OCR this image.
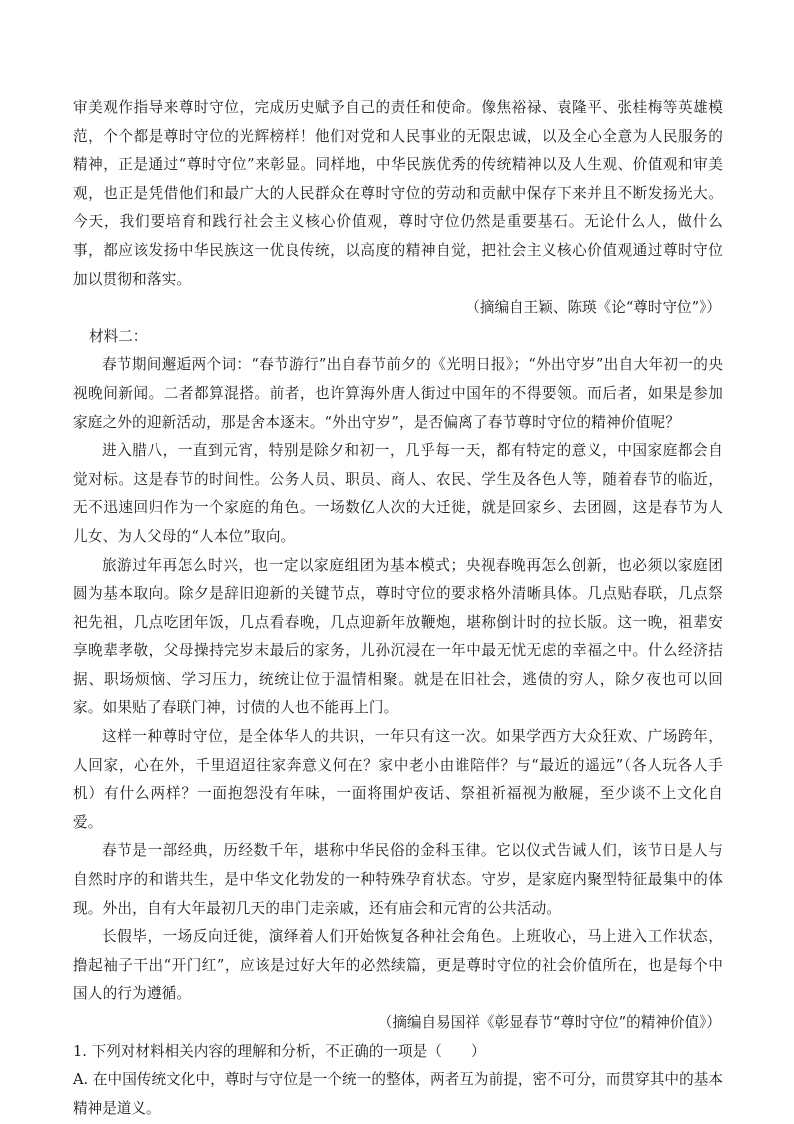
审美观作指导来尊时守位，完成历史赋予自己的责任和使命。像焦裕禄、袁隆平、张桂梅等英雄模范，个个都是尊时守位的光辉榜样！他们对党和人民事业的无限忠诚，以及全心全意为人民服务的精神，正是通过“尊时守位”来彰显。同样地，中华民族优秀的传统精神以及人生观、价值观和审美观，也正是凭借他们和最广大的人民群众在尊时守位的劳动和贡献中保存下来并且不断发扬光大。今天，我们要培育和践行社会主义核心价值观，尊时守位仍然是重要基石。无论什么人，做什么事，都应该发扬中华民族这一优良传统，以高度的精神自觉，把社会主义核心价值观通过尊时守位加以贯彻和落实。

（摘编自王颖、陈瑛《论“尊时守位”》）

材料二：

春节期间邂逅两个词：“春节游行”出自春节前夕的《光明日报》；“外出守岁”出自大年初一的央视晚间新闻。二者都算混搭。前者，也许算海外唐人街过中国年的不得要领。而后者，如果是参加家庭之外的迎新活动，那是舍本逐末。“外出守岁”，是否偏离了春节尊时守位的精神价值呢？

进入腊八，一直到元宵，特别是除夕和初一，几乎每一天，都有特定的意义，中国家庭都会自觉对标。这是春节的时间性。公务人员、职员、商人、农民、学生及各色人等，随着春节的临近，无不迅速回归作为一个家庭的角色。一场数亿人次的大迁徙，就是回家乡、去团圆，这是春节为人儿女、为人父母的“人本位”取向。

旅游过年再怎么时兴，也一定以家庭组团为基本模式；央视春晚再怎么创新，也必须以家庭团圆为基本取向。除夕是辞旧迎新的关键节点，尊时守位的要求格外清晰具体。几点贴春联，几点祭祀先祖，几点吃团年饭，几点看春晚，几点迎新年放鞭炮，堪称倒计时的拉长版。这一晚，祖辈安享晚辈孝敬，父母操持完岁末最后的家务，儿孙沉浸在一年中最无忧无虑的幸福之中。什么经济拮据、职场烦恼、学习压力，统统让位于温情相聚。就是在旧社会，逃债的穷人，除夕夜也可以回家。如果贴了春联门神，讨债的人也不能再上门。

这样一种尊时守位，是全体华人的共识，一年只有这一次。如果学西方大众狂欢、广场跨年，人回家，心在外，千里迢迢往家奔意义何在？家中老小由谁陪伴？与“最近的遥远”（各人玩各人手机）有什么两样？一面抱怨没有年味，一面将围炉夜话、祭祖祈福视为敝屣，至少谈不上文化自爱。

春节是一部经典，历经数千年，堪称中华民俗的金科玉律。它以仪式告诫人们，该节日是人与自然时序的和谐共生，是中华文化勃发的一种特殊孕育状态。守岁，是家庭内聚型特征最集中的体现。外出，自有大年最初几天的串门走亲戚，还有庙会和元宵的公共活动。

长假毕，一场反向迁徙，演绎着人们开始恢复各种社会角色。上班收心，马上进入工作状态，撸起袖子干出“开门红”，应该是过好大年的必然续篇，更是尊时守位的社会价值所在，也是每个中国人的行为遵循。

（摘编自易国祥《彰显春节“尊时守位”的精神价值》）

1. 下列对材料相关内容的理解和分析，不正确的一项是（　　）

A. 在中国传统文化中，尊时与守位是一个统一的整体，两者互为前提，密不可分，而贯穿其中的基本精神是道义。
